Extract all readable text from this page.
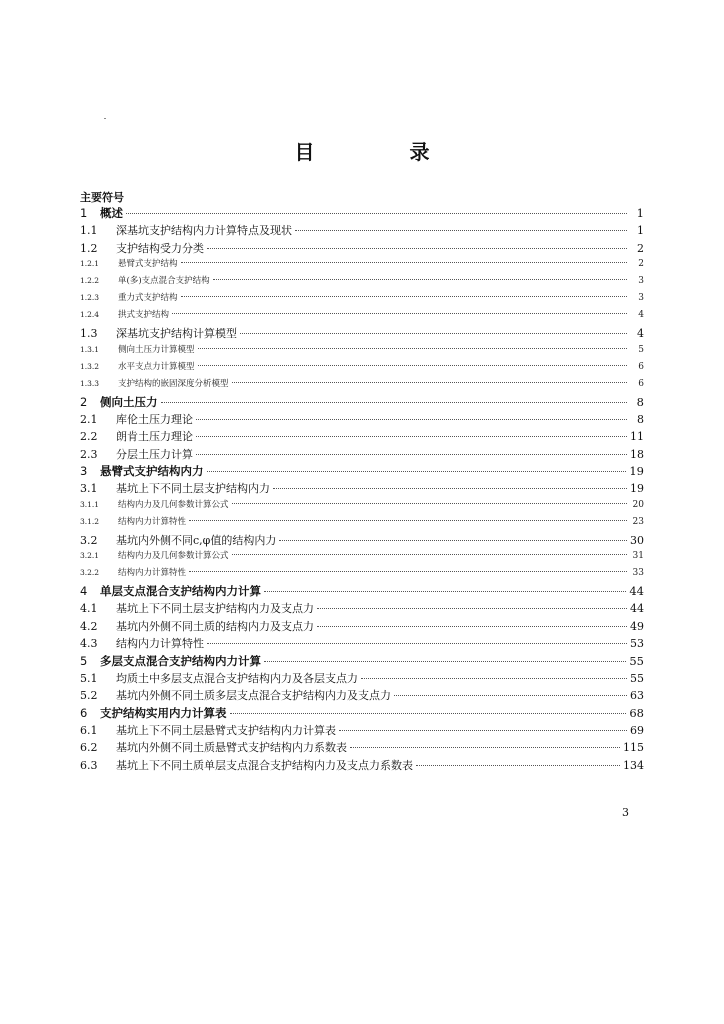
目 录
主要符号
1	概述	1
1.1	深基坑支护结构内力计算特点及现状	1
1.2	支护结构受力分类	2
1.2.1	悬臂式支护结构	2
1.2.2	单(多)支点混合支护结构	3
1.2.3	重力式支护结构	3
1.2.4	拱式支护结构	4
1.3	深基坑支护结构计算模型	4
1.3.1	侧向土压力计算模型	5
1.3.2	水平支点力计算模型	6
1.3.3	支护结构的嵌固深度分析模型	6
2	侧向土压力	8
2.1	库伦土压力理论	8
2.2	朗肯土压力理论	11
2.3	分层土压力计算	18
3	悬臂式支护结构内力	19
3.1	基坑上下不同土层支护结构内力	19
3.1.1	结构内力及几何参数计算公式	20
3.1.2	结构内力计算特性	23
3.2	基坑内外侧不同c,φ值的结构内力	30
3.2.1	结构内力及几何参数计算公式	31
3.2.2	结构内力计算特性	33
4	单层支点混合支护结构内力计算	44
4.1	基坑上下不同土层支护结构内力及支点力	44
4.2	基坑内外侧不同土质的结构内力及支点力	49
4.3	结构内力计算特性	53
5	多层支点混合支护结构内力计算	55
5.1	均质土中多层支点混合支护结构内力及各层支点力	55
5.2	基坑内外侧不同土质多层支点混合支护结构内力及支点力	63
6	支护结构实用内力计算表	68
6.1	基坑上下不同土层悬臂式支护结构内力计算表	69
6.2	基坑内外侧不同土质悬臂式支护结构内力系数表	115
6.3	基坑上下不同土质单层支点混合支护结构内力及支点力系数表	134
3
